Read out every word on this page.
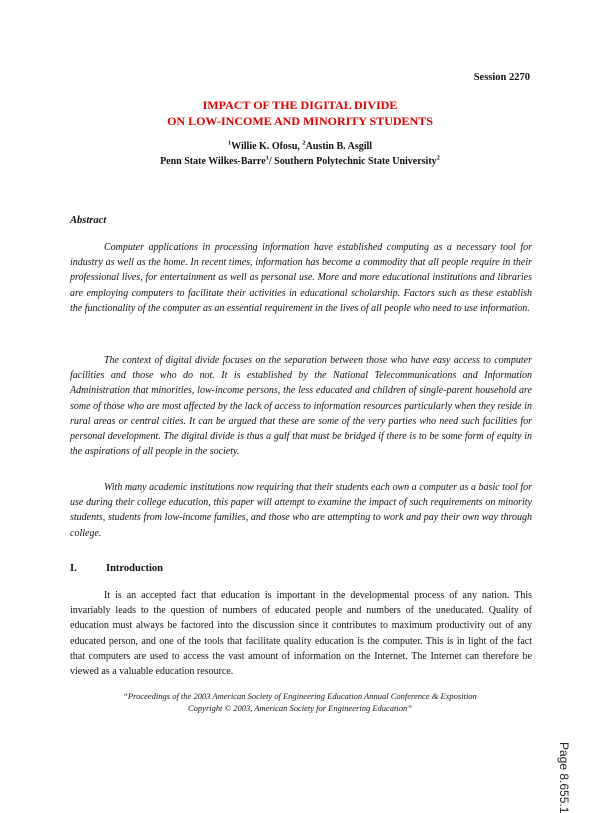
Session 2270
IMPACT OF THE DIGITAL DIVIDE
ON LOW-INCOME AND MINORITY STUDENTS
$^1$Willie K. Ofosu, $^2$Austin B. Asgill
Penn State Wilkes-Barre$^1$/ Southern Polytechnic State University$^2$
Abstract

Computer applications in processing information have established computing as a necessary tool for industry as well as the home. In recent times, information has become a commodity that all people require in their professional lives, for entertainment as well as personal use. More and more educational institutions and libraries are employing computers to facilitate their activities in educational scholarship. Factors such as these establish the functionality of the computer as an essential requirement in the lives of all people who need to use information.

The context of digital divide focuses on the separation between those who have easy access to computer facilities and those who do not. It is established by the National Telecommunications and Information Administration that minorities, low-income persons, the less educated and children of single-parent household are some of those who are most affected by the lack of access to information resources particularly when they reside in rural areas or central cities. It can be argued that these are some of the very parties who need such facilities for personal development. The digital divide is thus a gulf that must be bridged if there is to be some form of equity in the aspirations of all people in the society.

With many academic institutions now requiring that their students each own a computer as a basic tool for use during their college education, this paper will attempt to examine the impact of such requirements on minority students, students from low-income families, and those who are attempting to work and pay their own way through college.

I.	Introduction

It is an accepted fact that education is important in the developmental process of any nation. This invariably leads to the question of numbers of educated people and numbers of the uneducated. Quality of education must always be factored into the discussion since it contributes to maximum productivity out of any educated person, and one of the tools that facilitate quality education is the computer. This is in light of the fact that computers are used to access the vast amount of information on the Internet. The Internet can therefore be viewed as a valuable education resource.

“Proceedings of the 2003 American Society of Engineering Education Annual Conference & Exposition
Copyright © 2003, American Society for Engineering Education”
Page 8.655.1
